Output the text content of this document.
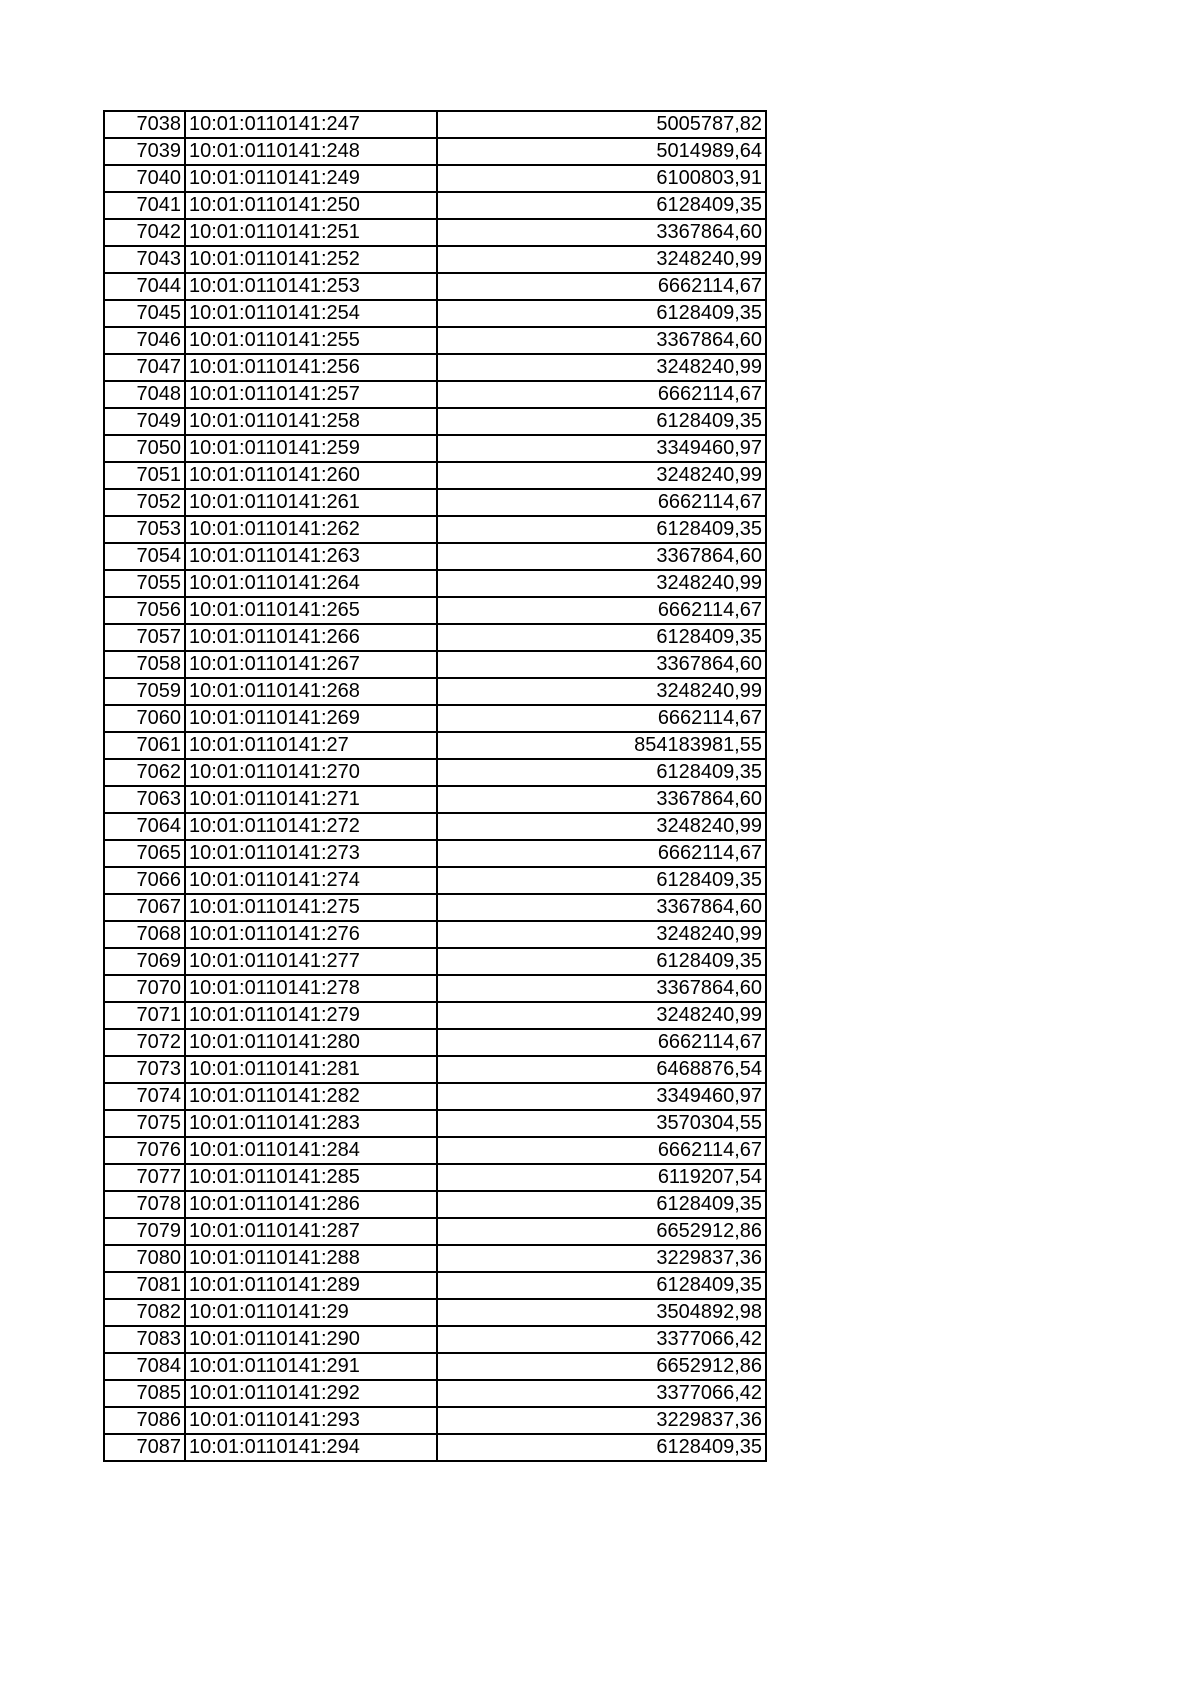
7038	10:01:0110141:247	5005787,82
7039	10:01:0110141:248	5014989,64
7040	10:01:0110141:249	6100803,91
7041	10:01:0110141:250	6128409,35
7042	10:01:0110141:251	3367864,60
7043	10:01:0110141:252	3248240,99
7044	10:01:0110141:253	6662114,67
7045	10:01:0110141:254	6128409,35
7046	10:01:0110141:255	3367864,60
7047	10:01:0110141:256	3248240,99
7048	10:01:0110141:257	6662114,67
7049	10:01:0110141:258	6128409,35
7050	10:01:0110141:259	3349460,97
7051	10:01:0110141:260	3248240,99
7052	10:01:0110141:261	6662114,67
7053	10:01:0110141:262	6128409,35
7054	10:01:0110141:263	3367864,60
7055	10:01:0110141:264	3248240,99
7056	10:01:0110141:265	6662114,67
7057	10:01:0110141:266	6128409,35
7058	10:01:0110141:267	3367864,60
7059	10:01:0110141:268	3248240,99
7060	10:01:0110141:269	6662114,67
7061	10:01:0110141:27	854183981,55
7062	10:01:0110141:270	6128409,35
7063	10:01:0110141:271	3367864,60
7064	10:01:0110141:272	3248240,99
7065	10:01:0110141:273	6662114,67
7066	10:01:0110141:274	6128409,35
7067	10:01:0110141:275	3367864,60
7068	10:01:0110141:276	3248240,99
7069	10:01:0110141:277	6128409,35
7070	10:01:0110141:278	3367864,60
7071	10:01:0110141:279	3248240,99
7072	10:01:0110141:280	6662114,67
7073	10:01:0110141:281	6468876,54
7074	10:01:0110141:282	3349460,97
7075	10:01:0110141:283	3570304,55
7076	10:01:0110141:284	6662114,67
7077	10:01:0110141:285	6119207,54
7078	10:01:0110141:286	6128409,35
7079	10:01:0110141:287	6652912,86
7080	10:01:0110141:288	3229837,36
7081	10:01:0110141:289	6128409,35
7082	10:01:0110141:29	3504892,98
7083	10:01:0110141:290	3377066,42
7084	10:01:0110141:291	6652912,86
7085	10:01:0110141:292	3377066,42
7086	10:01:0110141:293	3229837,36
7087	10:01:0110141:294	6128409,35
